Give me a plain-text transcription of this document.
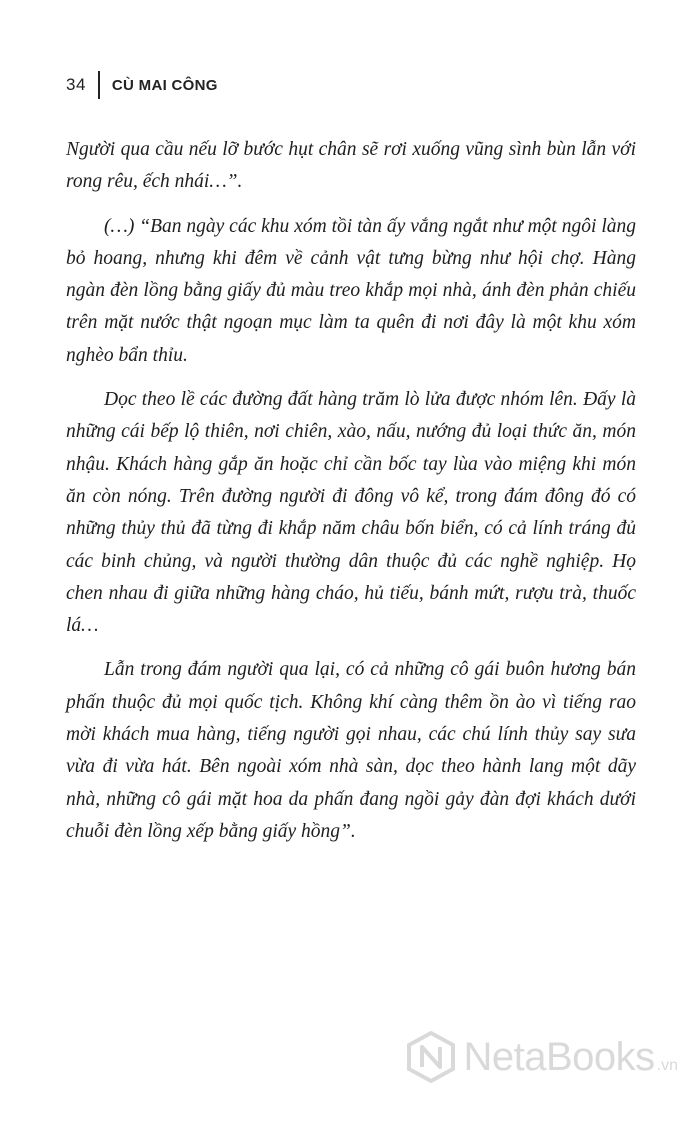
34 CÙ MAI CÔNG

Người qua cầu nếu lỡ bước hụt chân sẽ rơi xuống vũng sình bùn lẫn với rong rêu, ếch nhái…”.

(…) “Ban ngày các khu xóm tồi tàn ấy vắng ngắt như một ngôi làng bỏ hoang, nhưng khi đêm về cảnh vật tưng bừng như hội chợ. Hàng ngàn đèn lồng bằng giấy đủ màu treo khắp mọi nhà, ánh đèn phản chiếu trên mặt nước thật ngoạn mục làm ta quên đi nơi đây là một khu xóm nghèo bẩn thỉu.

Dọc theo lề các đường đất hàng trăm lò lửa được nhóm lên. Đấy là những cái bếp lộ thiên, nơi chiên, xào, nấu, nướng đủ loại thức ăn, món nhậu. Khách hàng gắp ăn hoặc chỉ cần bốc tay lùa vào miệng khi món ăn còn nóng. Trên đường người đi đông vô kể, trong đám đông đó có những thủy thủ đã từng đi khắp năm châu bốn biển, có cả lính tráng đủ các binh chủng, và người thường dân thuộc đủ các nghề nghiệp. Họ chen nhau đi giữa những hàng cháo, hủ tiếu, bánh mứt, rượu trà, thuốc lá…

Lẫn trong đám người qua lại, có cả những cô gái buôn hương bán phấn thuộc đủ mọi quốc tịch. Không khí càng thêm ồn ào vì tiếng rao mời khách mua hàng, tiếng người gọi nhau, các chú lính thủy say sưa vừa đi vừa hát. Bên ngoài xóm nhà sàn, dọc theo hành lang một dãy nhà, những cô gái mặt hoa da phấn đang ngồi gảy đàn đợi khách dưới chuỗi đèn lồng xếp bằng giấy hồng”.

NetaBooks .vn
